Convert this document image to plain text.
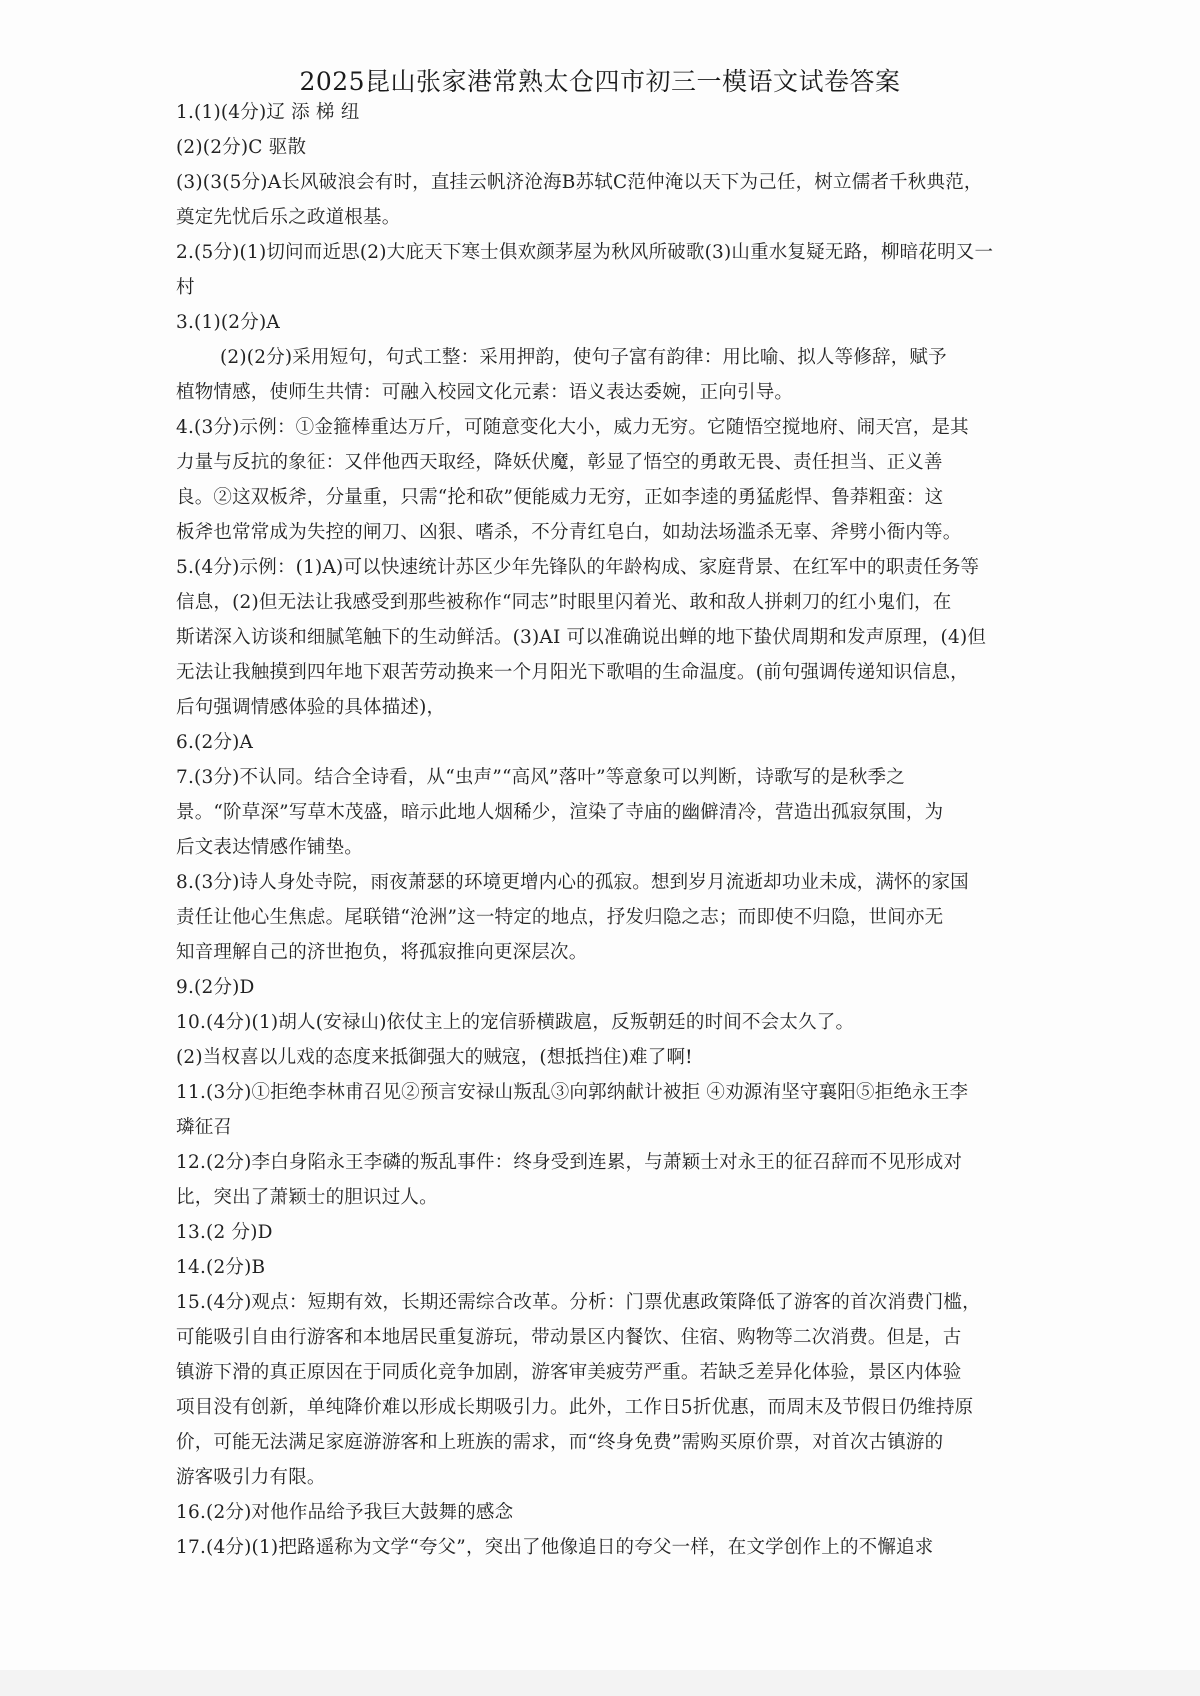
2025昆山张家港常熟太仓四市初三一模语文试卷答案
1.(1)(4分)辽 添 梯 纽
(2)(2分)C 驱散
(3)(3(5分)A长风破浪会有时，直挂云帆济沧海B苏轼C范仲淹以天下为己任，树立儒者千秋典范，
奠定先忧后乐之政道根基。
2.(5分)(1)切问而近思(2)大庇天下寒士俱欢颜茅屋为秋风所破歌(3)山重水复疑无路，柳暗花明又一
村
3.(1)(2分)A
(2)(2分)采用短句，句式工整：采用押韵，使句子富有韵律：用比喻、拟人等修辞，赋予
植物情感，使师生共情：可融入校园文化元素：语义表达委婉，正向引导。
4.(3分)示例：①金箍棒重达万斤，可随意变化大小，威力无穷。它随悟空搅地府、闹天宫，是其
力量与反抗的象征：又伴他西天取经，降妖伏魔，彰显了悟空的勇敢无畏、责任担当、正义善
良。②这双板斧，分量重，只需“抡和砍”便能威力无穷，正如李逵的勇猛彪悍、鲁莽粗蛮：这
板斧也常常成为失控的闸刀、凶狠、嗜杀，不分青红皂白，如劫法场滥杀无辜、斧劈小衙内等。
5.(4分)示例：(1)A)可以快速统计苏区少年先锋队的年龄构成、家庭背景、在红军中的职责任务等
信息，(2)但无法让我感受到那些被称作“同志”时眼里闪着光、敢和敌人拼刺刀的红小鬼们，在
斯诺深入访谈和细腻笔触下的生动鲜活。(3)AI 可以准确说出蝉的地下蛰伏周期和发声原理，(4)但
无法让我触摸到四年地下艰苦劳动换来一个月阳光下歌唱的生命温度。(前句强调传递知识信息，
后句强调情感体验的具体描述)，
6.(2分)A
7.(3分)不认同。结合全诗看，从“虫声”“高风”落叶”等意象可以判断，诗歌写的是秋季之
景。“阶草深”写草木茂盛，暗示此地人烟稀少，渲染了寺庙的幽僻清冷，营造出孤寂氛围，为
后文表达情感作铺垫。
8.(3分)诗人身处寺院，雨夜萧瑟的环境更增内心的孤寂。想到岁月流逝却功业未成，满怀的家国
责任让他心生焦虑。尾联错“沧洲”这一特定的地点，抒发归隐之志；而即使不归隐，世间亦无
知音理解自己的济世抱负，将孤寂推向更深层次。
9.(2分)D
10.(4分)(1)胡人(安禄山)依仗主上的宠信骄横跋扈，反叛朝廷的时间不会太久了。
(2)当权喜以儿戏的态度来抵御强大的贼寇，(想抵挡住)难了啊!
11.(3分)①拒绝李林甫召见②预言安禄山叛乱③向郭纳献计被拒 ④劝源洧坚守襄阳⑤拒绝永王李
璘征召
12.(2分)李白身陷永王李磷的叛乱事件：终身受到连累，与萧颖士对永王的征召辞而不见形成对
比，突出了萧颖士的胆识过人。
13.(2 分)D
14.(2分)B
15.(4分)观点：短期有效，长期还需综合改革。分析：门票优惠政策降低了游客的首次消费门槛，
可能吸引自由行游客和本地居民重复游玩，带动景区内餐饮、住宿、购物等二次消费。但是，古
镇游下滑的真正原因在于同质化竞争加剧，游客审美疲劳严重。若缺乏差异化体验，景区内体验
项目没有创新，单纯降价难以形成长期吸引力。此外，工作日5折优惠，而周末及节假日仍维持原
价，可能无法满足家庭游游客和上班族的需求，而“终身免费”需购买原价票，对首次古镇游的
游客吸引力有限。
16.(2分)对他作品给予我巨大鼓舞的感念
17.(4分)(1)把路遥称为文学“夸父”，突出了他像追日的夸父一样，在文学创作上的不懈追求
